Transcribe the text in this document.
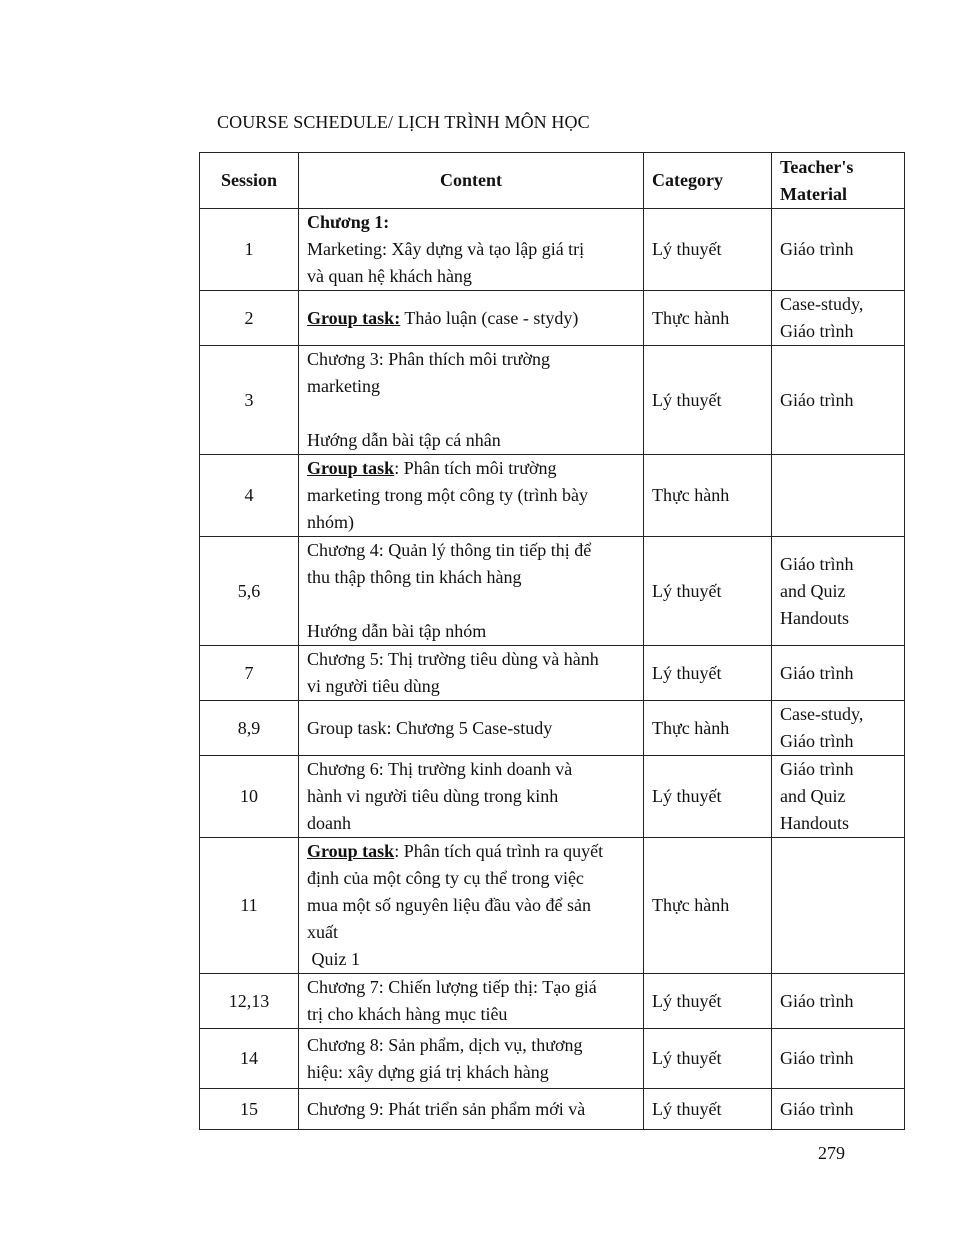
COURSE SCHEDULE/ LỊCH TRÌNH MÔN HỌC
Session	Content	Category	Teacher's
Material

1	Chương 1:
Marketing: Xây dựng và tạo lập giá trị
và quan hệ khách hàng	Lý thuyết	Giáo trình

2	Group task: Thảo luận (case - stydy)	Thực hành	Case-study,
Giáo trình

3	Chương 3: Phân thích môi trường
marketing
Hướng dẫn bài tập cá nhân	Lý thuyết	Giáo trình

4	Group task: Phân tích môi trường
marketing trong một công ty (trình bày
nhóm)	Thực hành	
5,6	Chương 4: Quản lý thông tin tiếp thị để
thu thập thông tin khách hàng
Hướng dẫn bài tập nhóm	Lý thuyết	Giáo trình
and Quiz
Handouts

7	Chương 5: Thị trường tiêu dùng và hành
vi người tiêu dùng	Lý thuyết	Giáo trình

8,9	Group task: Chương 5 Case-study	Thực hành	Case-study,
Giáo trình

10	Chương 6: Thị trường kinh doanh và
hành vi người tiêu dùng trong kinh
doanh	Lý thuyết	Giáo trình
and Quiz
Handouts

11	Group task: Phân tích quá trình ra quyết
định của một công ty cụ thể trong việc
mua một số nguyên liệu đầu vào để sản
xuất
Quiz 1	Thực hành	
12,13	Chương 7: Chiến lượng tiếp thị: Tạo giá
trị cho khách hàng mục tiêu	Lý thuyết	Giáo trình

14	Chương 8: Sản phẩm, dịch vụ, thương
hiệu: xây dựng giá trị khách hàng	Lý thuyết	Giáo trình

15	Chương 9: Phát triển sản phẩm mới và	Lý thuyết	Giáo trình
279
